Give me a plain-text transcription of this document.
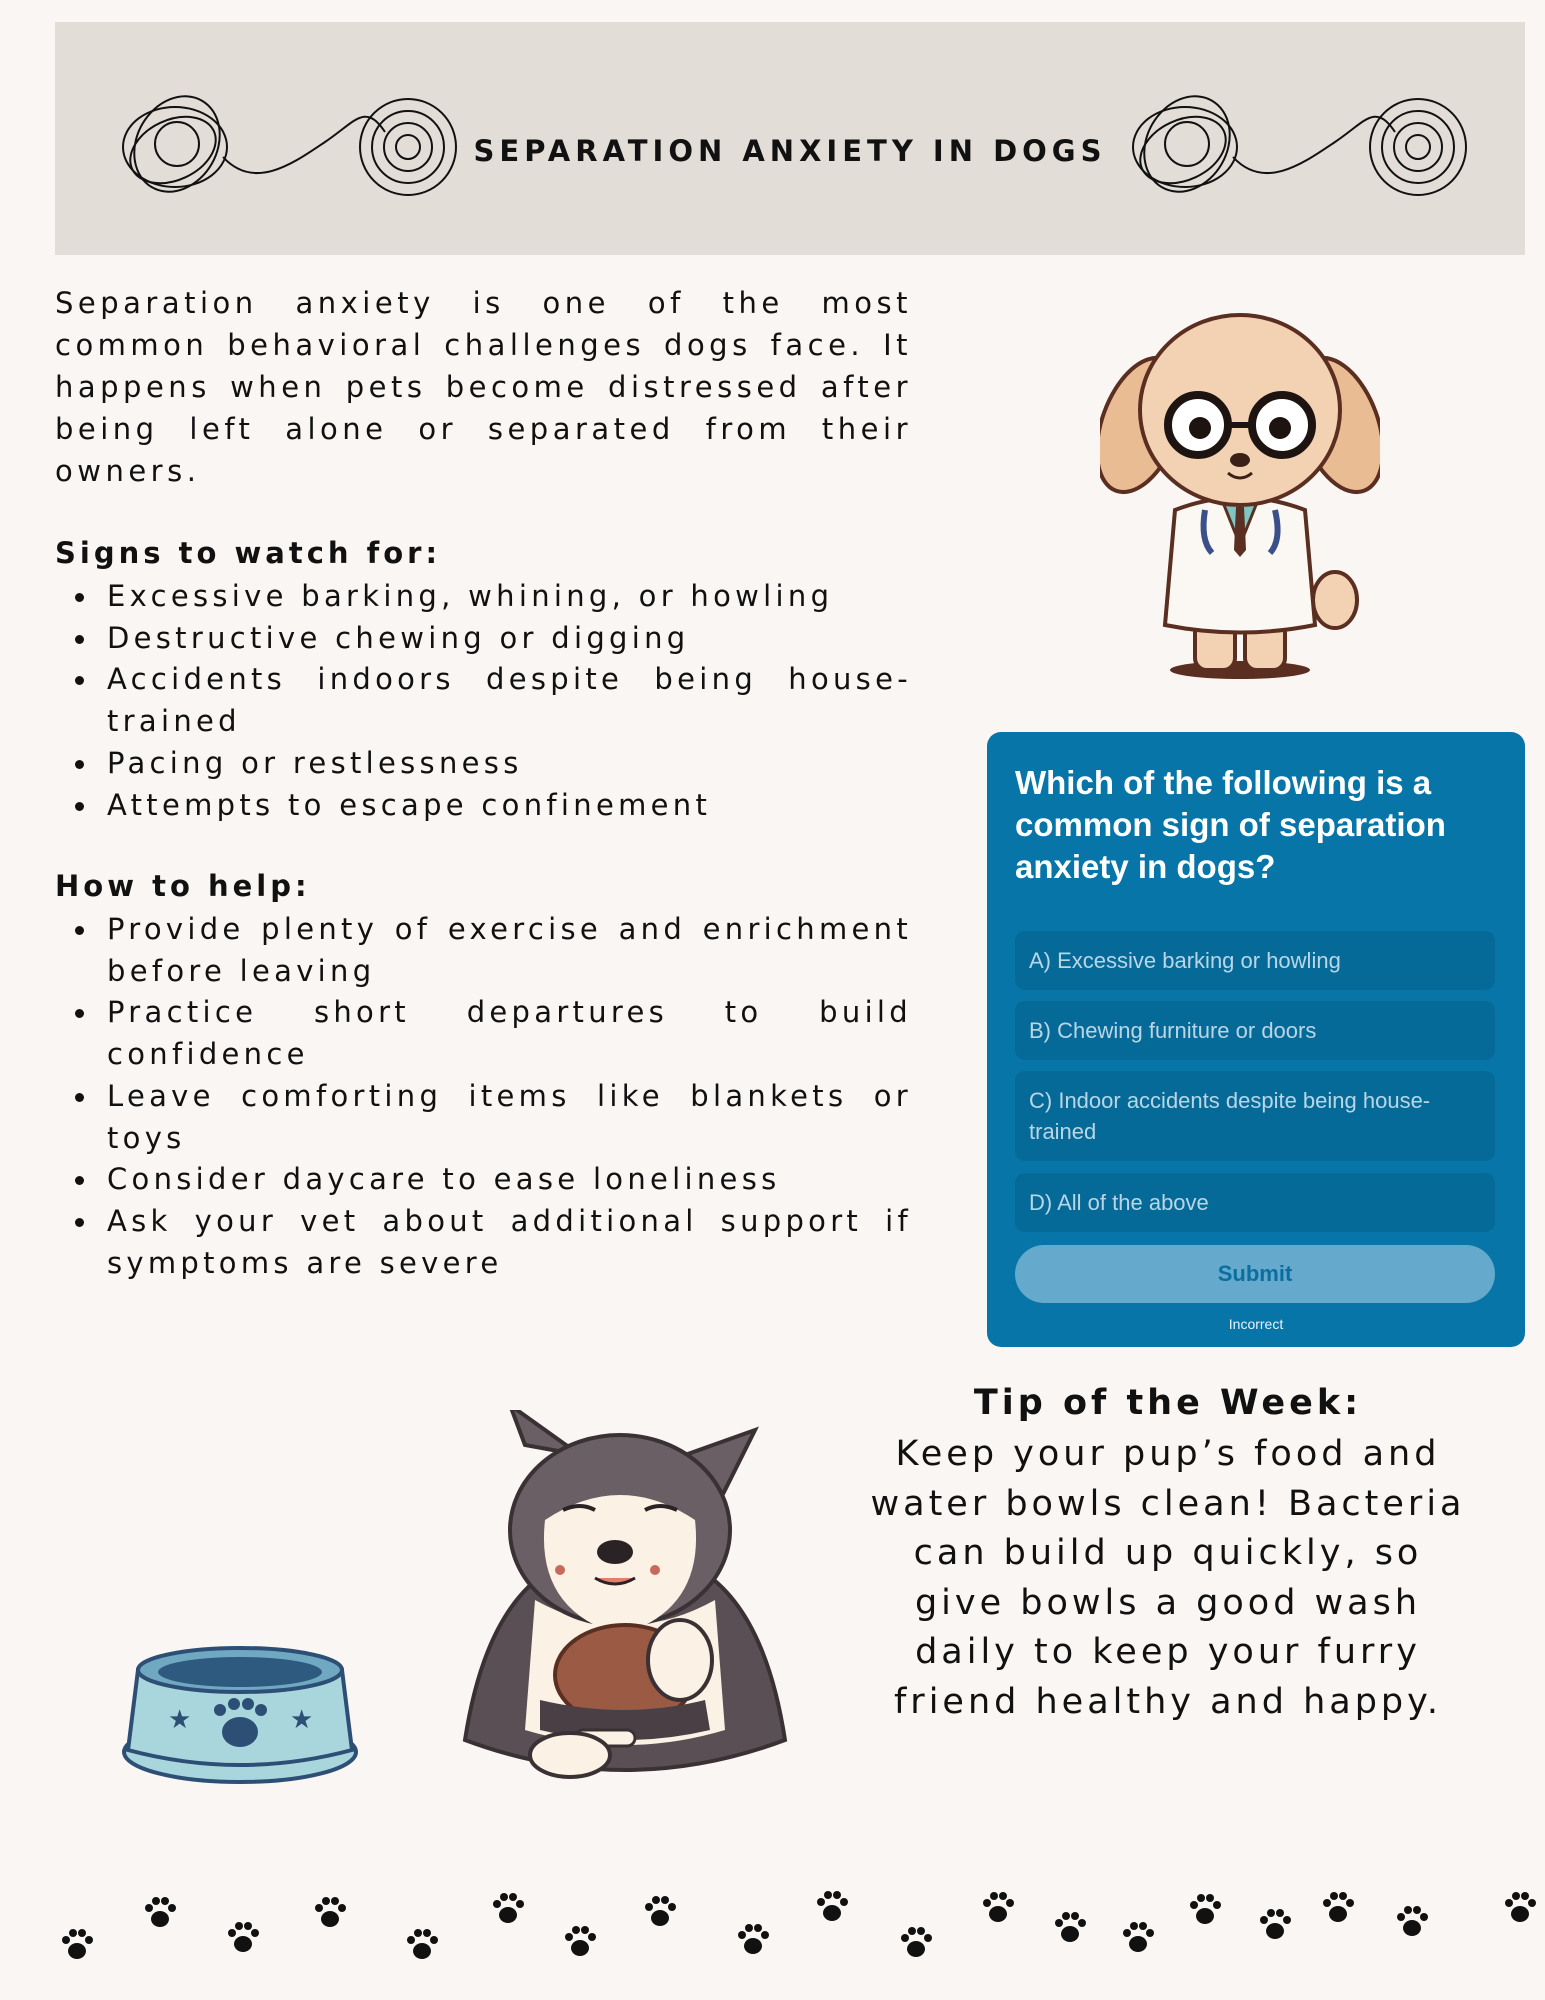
SEPARATION ANXIETY IN DOGS

Separation anxiety is one of the most common behavioral challenges dogs face. It happens when pets become distressed after being left alone or separated from their owners.

Signs to watch for:
Excessive barking, whining, or howling
Destructive chewing or digging
Accidents indoors despite being house-trained
Pacing or restlessness
Attempts to escape confinement
How to help:
Provide plenty of exercise and enrichment before leaving
Practice short departures to build confidence
Leave comforting items like blankets or toys
Consider daycare to ease loneliness
Ask your vet about additional support if symptoms are severe

Which of the following is a common sign of separation anxiety in dogs?

A) Excessive barking or howling
B) Chewing furniture or doors
C) Indoor accidents despite being house-trained
D) All of the above
Submit
Incorrect
★	★
Tip of the Week:

Keep your pup’s food and water bowls clean! Bacteria can build up quickly, so give bowls a good wash daily to keep your furry friend healthy and happy.
